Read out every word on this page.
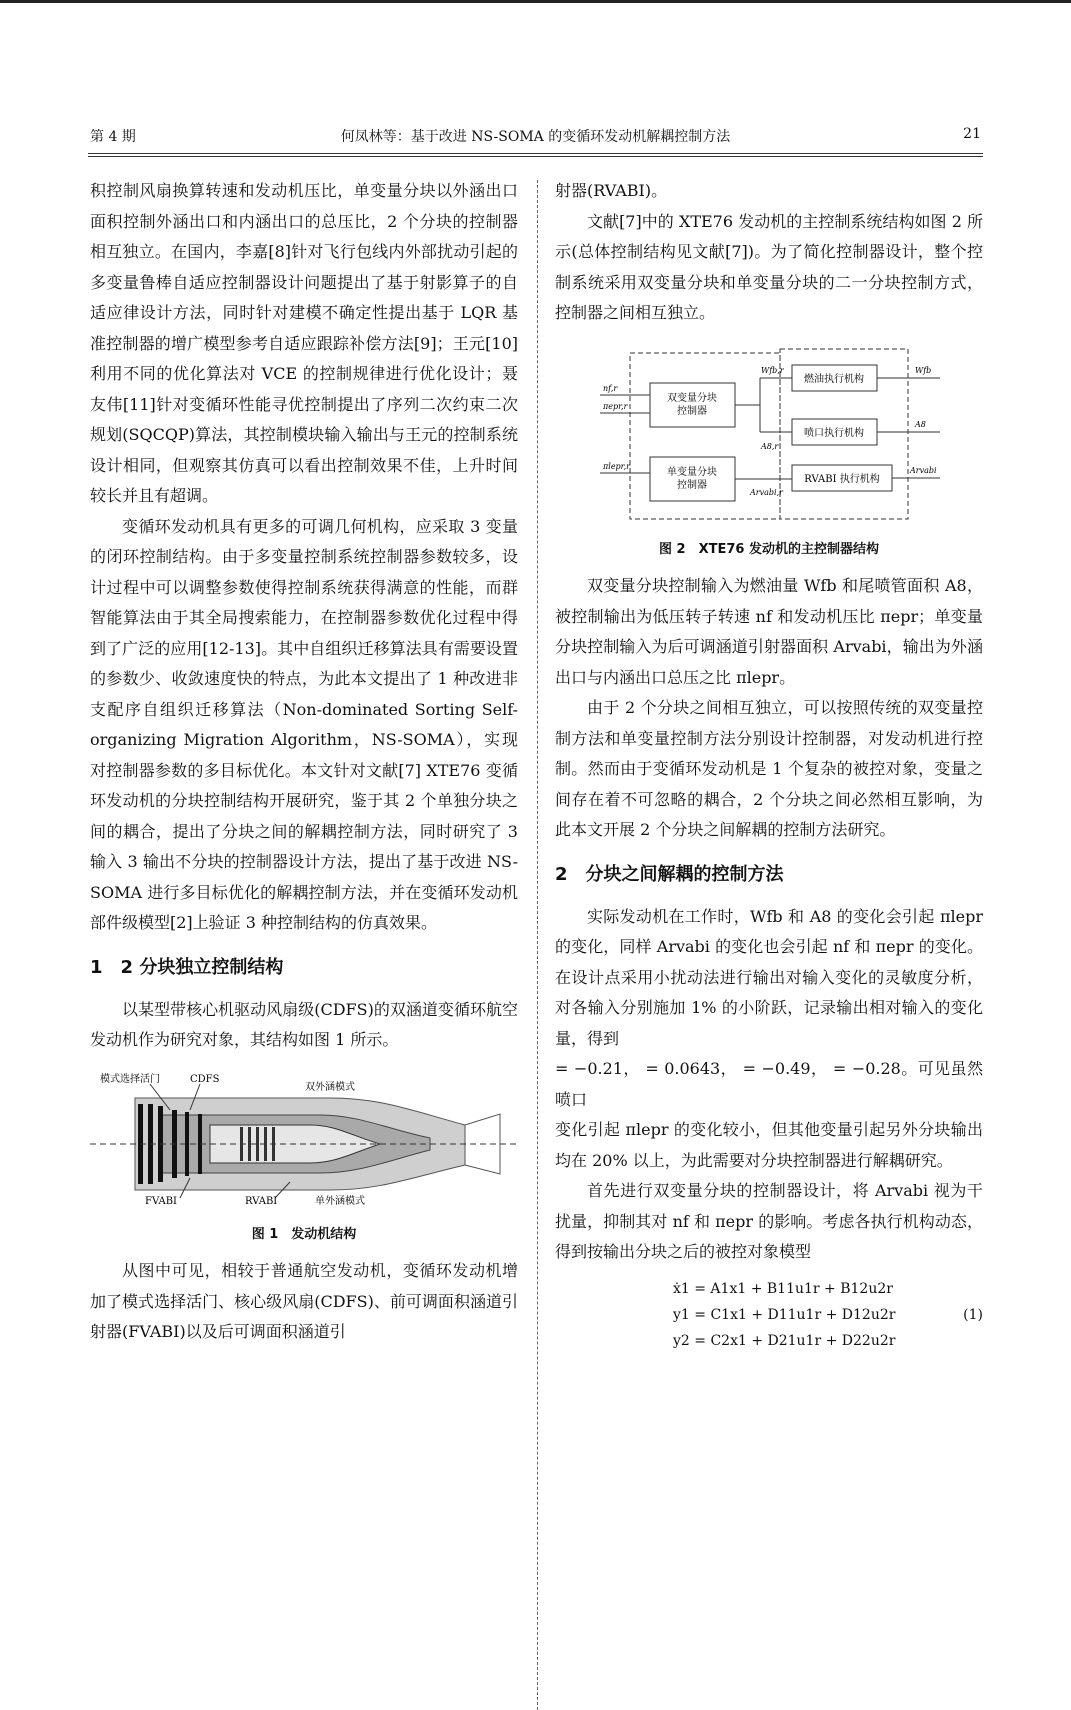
第 4 期	何凤林等：基于改进 NS-SOMA 的变循环发动机解耦控制方法	21

积控制风扇换算转速和发动机压比，单变量分块以外涵出口面积控制外涵出口和内涵出口的总压比，2 个分块的控制器相互独立。在国内，李嘉[8]针对飞行包线内外部扰动引起的多变量鲁棒自适应控制器设计问题提出了基于射影算子的自适应律设计方法，同时针对建模不确定性提出基于 LQR 基准控制器的增广模型参考自适应跟踪补偿方法[9]；王元[10]利用不同的优化算法对 VCE 的控制规律进行优化设计；聂友伟[11]针对变循环性能寻优控制提出了序列二次约束二次规划(SQCQP)算法，其控制模块输入输出与王元的控制系统设计相同，但观察其仿真可以看出控制效果不佳，上升时间较长并且有超调。

变循环发动机具有更多的可调几何机构，应采取 3 变量的闭环控制结构。由于多变量控制系统控制器参数较多，设计过程中可以调整参数使得控制系统获得满意的性能，而群智能算法由于其全局搜索能力，在控制器参数优化过程中得到了广泛的应用[12-13]。其中自组织迁移算法具有需要设置的参数少、收敛速度快的特点，为此本文提出了 1 种改进非支配序自组织迁移算法（Non-dominated Sorting Self-organizing Migration Algorithm，NS-SOMA），实现对控制器参数的多目标优化。本文针对文献[7] XTE76 变循环发动机的分块控制结构开展研究，鉴于其 2 个单独分块之间的耦合，提出了分块之间的解耦控制方法，同时研究了 3 输入 3 输出不分块的控制器设计方法，提出了基于改进 NS-SOMA 进行多目标优化的解耦控制方法，并在变循环发动机部件级模型[2]上验证 3 种控制结构的仿真效果。

1　2 分块独立控制结构

以某型带核心机驱动风扇级(CDFS)的双涵道变循环航空发动机作为研究对象，其结构如图 1 所示。

模式选择活门	CDFS
双外涵模式
FVABI	RVABI	单外涵模式
图 1　发动机结构

从图中可见，相较于普通航空发动机，变循环发动机增加了模式选择活门、核心级风扇(CDFS)、前可调面积涵道引射器(FVABI)以及后可调面积涵道引

射器(RVABI)。

文献[7]中的 XTE76 发动机的主控制系统结构如图 2 所示(总体控制结构见文献[7])。为了简化控制器设计，整个控制系统采用双变量分块和单变量分块的二一分块控制方式，控制器之间相互独立。

双变量分块
控制器
单变量分块
控制器
燃油执行机构
喷口执行机构
RVABI 执行机构
nf,r
πepr,r
πlepr,r
Wfb,r
A8,r
Arvabi,r
Wfb
A8
Arvabi
图 2　XTE76 发动机的主控制器结构

双变量分块控制输入为燃油量 Wfb 和尾喷管面积 A8，被控制输出为低压转子转速 nf 和发动机压比 πepr；单变量分块控制输入为后可调涵道引射器面积 Arvabi，输出为外涵出口与内涵出口总压之比 πlepr。

由于 2 个分块之间相互独立，可以按照传统的双变量控制方法和单变量控制方法分别设计控制器，对发动机进行控制。然而由于变循环发动机是 1 个复杂的被控对象，变量之间存在着不可忽略的耦合，2 个分块之间必然相互影响，为此本文开展 2 个分块之间解耦的控制方法研究。

2　分块之间解耦的控制方法

实际发动机在工作时，Wfb 和 A8 的变化会引起 πlepr 的变化，同样 Arvabi 的变化也会引起 nf 和 πepr 的变化。在设计点采用小扰动法进行输出对输入变化的灵敏度分析，对各输入分别施加 1% 的小阶跃，记录输出相对输入的变化量，得到

= −0.21， = 0.0643， = −0.49， = −0.28。可见虽然喷口

变化引起 πlepr 的变化较小，但其他变量引起另外分块输出均在 20% 以上，为此需要对分块控制器进行解耦研究。

首先进行双变量分块的控制器设计，将 Arvabi 视为干扰量，抑制其对 nf 和 πepr 的影响。考虑各执行机构动态，得到按输出分块之后的被控对象模型

ẋ1 = A1x1 + B11u1r + B12u2r
y1 = C1x1 + D11u1r + D12u2r
y2 = C2x1 + D21u1r + D22u2r
(1)
